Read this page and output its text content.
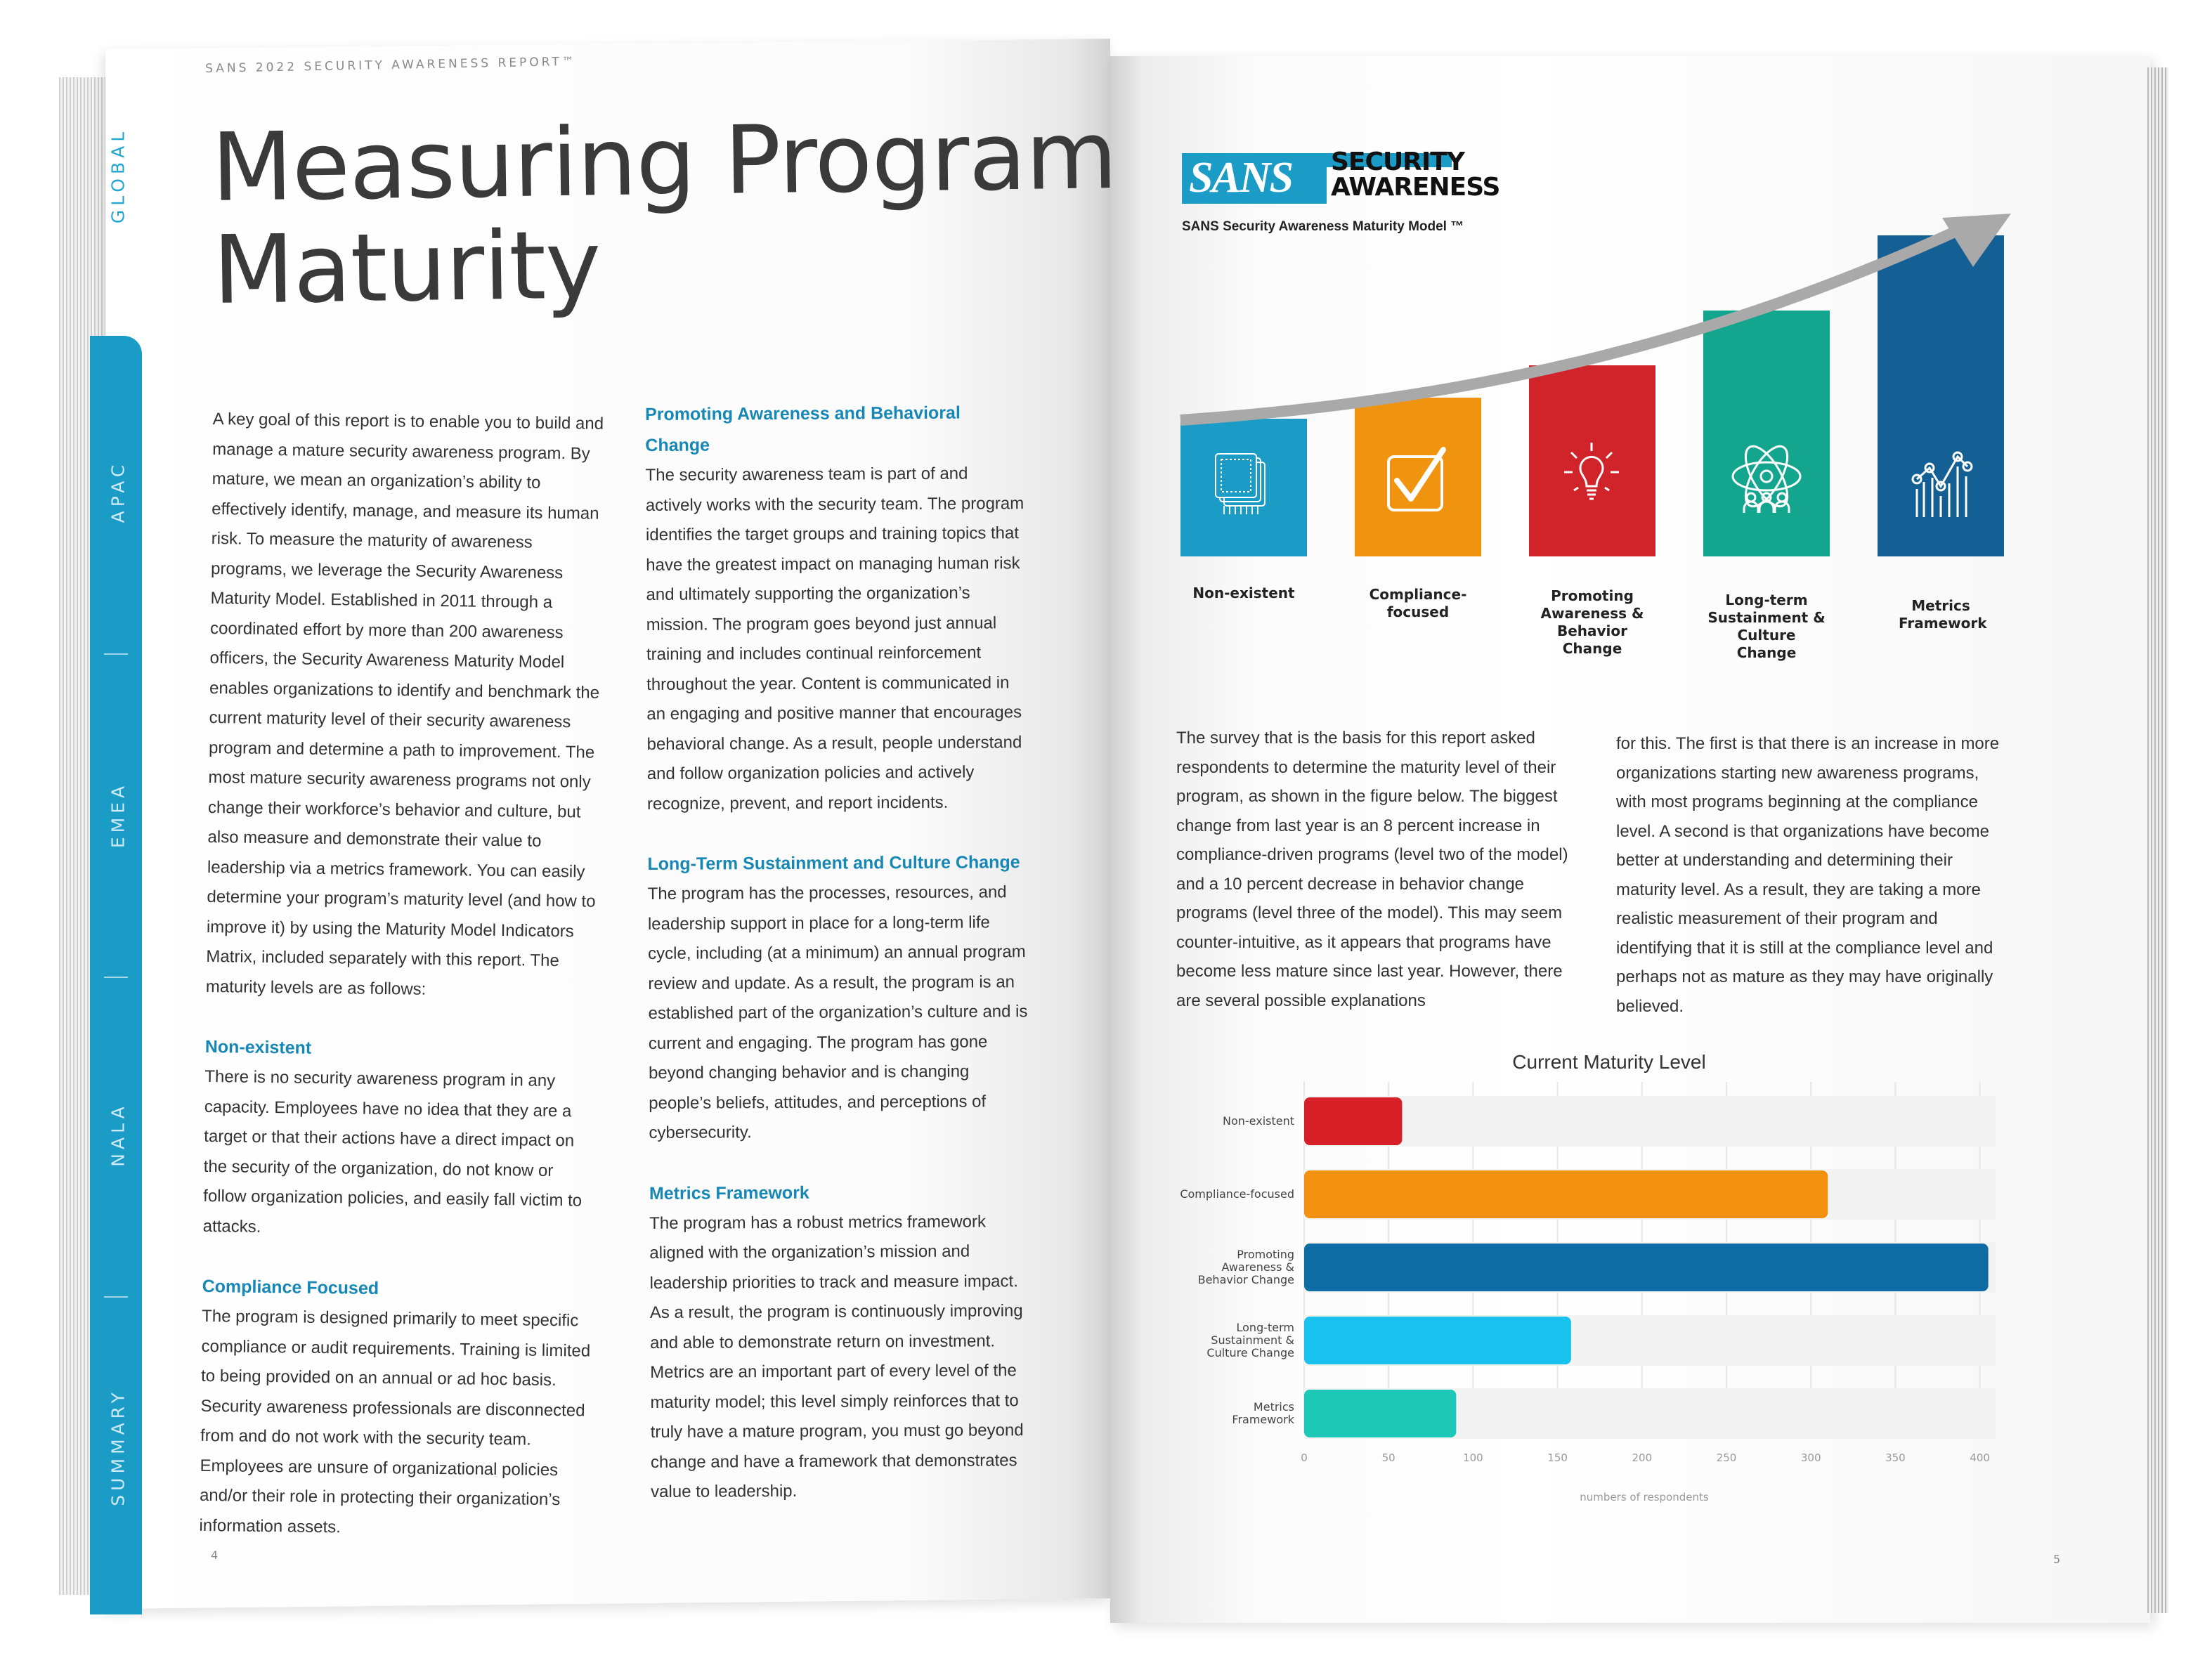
GLOBAL
APAC
EMEA
NALA
SUMMARY
SANS 2022 SECURITY AWARENESS REPORT™
Measuring Program
Maturity

A key goal of this report is to enable you to build and manage a mature security awareness program. By mature, we mean an organization’s ability to effectively identify, manage, and measure its human risk. To measure the maturity of awareness programs, we leverage the Security Awareness Maturity Model. Established in 2011 through a coordinated effort by more than 200 awareness officers, the Security Awareness Maturity Model enables organizations to identify and benchmark the current maturity level of their security awareness program and determine a path to improvement. The most mature security awareness programs not only change their workforce’s behavior and culture, but also measure and demonstrate their value to leadership via a metrics framework. You can easily determine your program’s maturity level (and how to improve it) by using the Maturity Model Indicators Matrix, included separately with this report. The maturity levels are as follows:

Non-existent

There is no security awareness program in any capacity. Employees have no idea that they are a target or that their actions have a direct impact on the security of the organization, do not know or follow organization policies, and easily fall victim to attacks.

Compliance Focused

The program is designed primarily to meet specific compliance or audit requirements. Training is limited to being provided on an annual or ad hoc basis. Security awareness professionals are disconnected from and do not work with the security team. Employees are unsure of organizational policies and/or their role in protecting their organization’s information assets.

Promoting Awareness and Behavioral Change

The security awareness team is part of and actively works with the security team. The program identifies the target groups and training topics that have the greatest impact on managing human risk and ultimately supporting the organization’s mission. The program goes beyond just annual training and includes continual reinforcement throughout the year. Content is communicated in an engaging and positive manner that encourages behavioral change. As a result, people understand and follow organization policies and actively recognize, prevent, and report incidents.

Long-Term Sustainment and Culture Change

The program has the processes, resources, and leadership support in place for a long-term life cycle, including (at a minimum) an annual program review and update. As a result, the program is an established part of the organization’s culture and is current and engaging. The program has gone beyond changing behavior and is changing people’s beliefs, attitudes, and perceptions of cybersecurity.

Metrics Framework

The program has a robust metrics framework aligned with the organization’s mission and leadership priorities to track and measure impact. As a result, the program is continuously improving and able to demonstrate return on investment. Metrics are an important part of every level of the maturity model; this level simply reinforces that to truly have a mature program, you must go beyond change and have a framework that demonstrates value to leadership.

4
SANS	SECURITY
AWARENESS
SANS Security Awareness Maturity Model ™
Non-existent	Compliance-focused
Promoting Awareness & Behavior Change
Long-term Sustainment & Culture Change
Metrics Framework

The survey that is the basis for this report asked respondents to determine the maturity level of their program, as shown in the figure below. The biggest change from last year is an 8 percent increase in compliance-driven programs (level two of the model) and a 10 percent decrease in behavior change programs (level three of the model). This may seem counter-intuitive, as it appears that programs have become less mature since last year. However, there are several possible explanations

for this. The first is that there is an increase in more organizations starting new awareness programs, with most programs beginning at the compliance level. A second is that organizations have become better at understanding and determining their maturity level. As a result, they are taking a more realistic measurement of their program and identifying that it is still at the compliance level and perhaps not as mature as they may have originally believed.

Current Maturity Level
Non-existent
Compliance-focused
Promoting
Awareness &
Behavior Change
Long-term
Sustainment &
Culture Change
Metrics
Framework
0	50	100	150	200	250	300	350	400
numbers of respondents
5
